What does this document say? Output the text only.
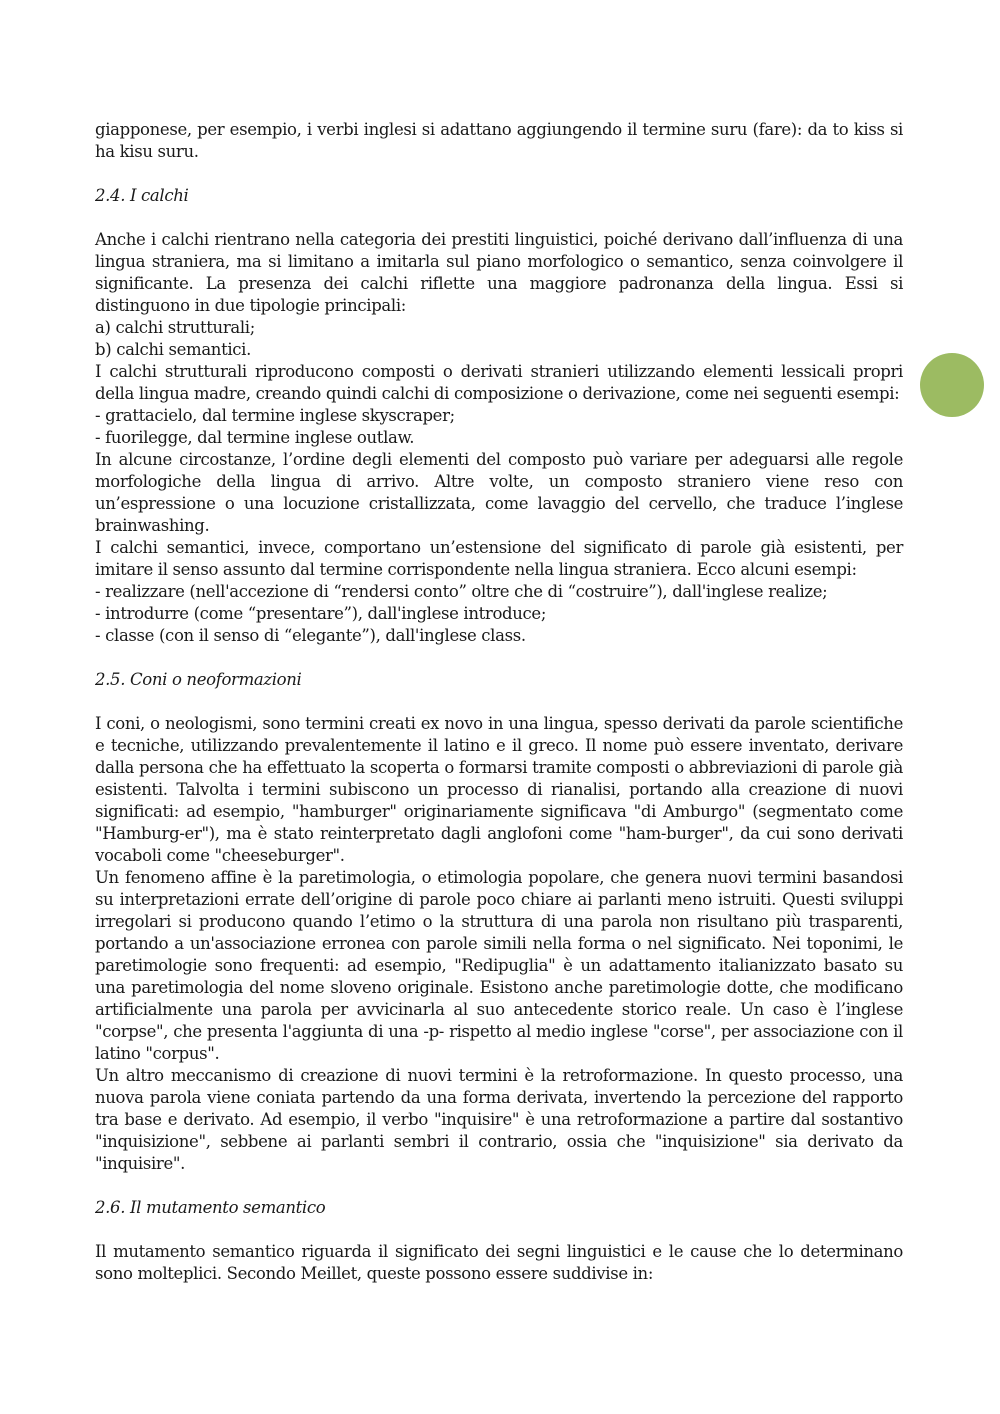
giapponese, per esempio, i verbi inglesi si adattano aggiungendo il termine suru (fare): da to kiss si ha kisu suru.

2.4. I calchi

Anche i calchi rientrano nella categoria dei prestiti linguistici, poiché derivano dall’influenza di una lingua straniera, ma si limitano a imitarla sul piano morfologico o semantico, senza coinvolgere il significante. La presenza dei calchi riflette una maggiore padronanza della lingua. Essi si distinguono in due tipologie principali:

a) calchi strutturali;
b) calchi semantici.

I calchi strutturali riproducono composti o derivati stranieri utilizzando elementi lessicali propri della lingua madre, creando quindi calchi di composizione o derivazione, come nei seguenti esempi:

- grattacielo, dal termine inglese skyscraper;
- fuorilegge, dal termine inglese outlaw.

In alcune circostanze, l’ordine degli elementi del composto può variare per adeguarsi alle regole morfologiche della lingua di arrivo. Altre volte, un composto straniero viene reso con un’espressione o una locuzione cristallizzata, come lavaggio del cervello, che traduce l’inglese brainwashing.

I calchi semantici, invece, comportano un’estensione del significato di parole già esistenti, per imitare il senso assunto dal termine corrispondente nella lingua straniera. Ecco alcuni esempi:

- realizzare (nell'accezione di “rendersi conto” oltre che di “costruire”), dall'inglese realize;
- introdurre (come “presentare”), dall'inglese introduce;
- classe (con il senso di “elegante”), dall'inglese class.

2.5. Coni o neoformazioni

I coni, o neologismi, sono termini creati ex novo in una lingua, spesso derivati da parole scientifiche e tecniche, utilizzando prevalentemente il latino e il greco. Il nome può essere inventato, derivare dalla persona che ha effettuato la scoperta o formarsi tramite composti o abbreviazioni di parole già esistenti. Talvolta i termini subiscono un processo di rianalisi, portando alla creazione di nuovi significati: ad esempio, "hamburger" originariamente significava "di Amburgo" (segmentato come "Hamburg-er"), ma è stato reinterpretato dagli anglofoni come "ham-burger", da cui sono derivati vocaboli come "cheeseburger".

Un fenomeno affine è la paretimologia, o etimologia popolare, che genera nuovi termini basandosi su interpretazioni errate dell’origine di parole poco chiare ai parlanti meno istruiti. Questi sviluppi irregolari si producono quando l’etimo o la struttura di una parola non risultano più trasparenti, portando a un'associazione erronea con parole simili nella forma o nel significato. Nei toponimi, le paretimologie sono frequenti: ad esempio, "Redipuglia" è un adattamento italianizzato basato su una paretimologia del nome sloveno originale. Esistono anche paretimologie dotte, che modificano artificialmente una parola per avvicinarla al suo antecedente storico reale. Un caso è l’inglese "corpse", che presenta l'aggiunta di una -p- rispetto al medio inglese "corse", per associazione con il latino "corpus".

Un altro meccanismo di creazione di nuovi termini è la retroformazione. In questo processo, una nuova parola viene coniata partendo da una forma derivata, invertendo la percezione del rapporto tra base e derivato. Ad esempio, il verbo "inquisire" è una retroformazione a partire dal sostantivo "inquisizione", sebbene ai parlanti sembri il contrario, ossia che "inquisizione" sia derivato da "inquisire".

2.6. Il mutamento semantico

Il mutamento semantico riguarda il significato dei segni linguistici e le cause che lo determinano sono molteplici. Secondo Meillet, queste possono essere suddivise in:
